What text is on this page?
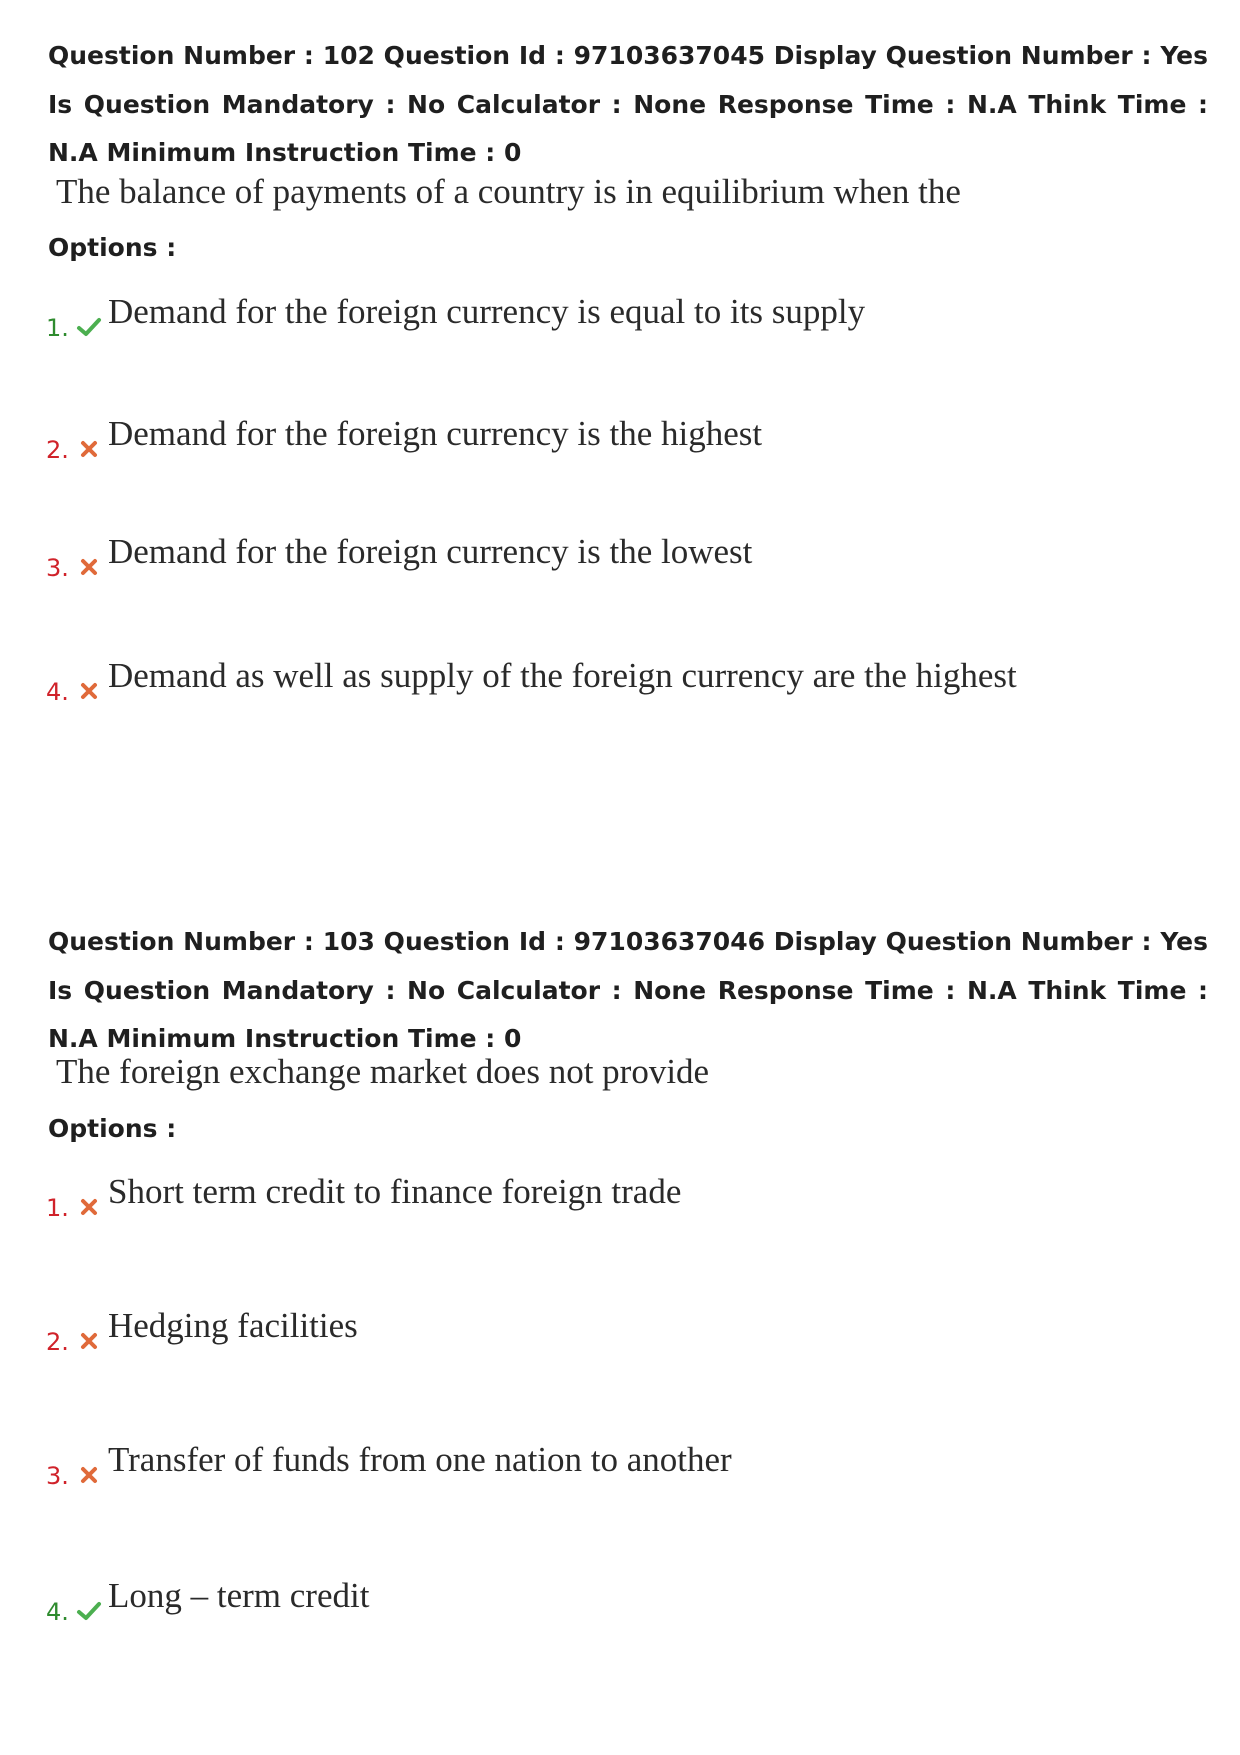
Question Number : 102 Question Id : 97103637045 Display Question Number : Yes Is Question Mandatory : No Calculator : None Response Time : N.A Think Time : N.A Minimum Instruction Time : 0
The balance of payments of a country is in equilibrium when the
Options :
1. Demand for the foreign currency is equal to its supply
2. Demand for the foreign currency is the highest
3. Demand for the foreign currency is the lowest
4. Demand as well as supply of the foreign currency are the highest
Question Number : 103 Question Id : 97103637046 Display Question Number : Yes Is Question Mandatory : No Calculator : None Response Time : N.A Think Time : N.A Minimum Instruction Time : 0
The foreign exchange market does not provide
Options :
1. Short term credit to finance foreign trade
2. Hedging facilities
3. Transfer of funds from one nation to another
4. Long – term credit
